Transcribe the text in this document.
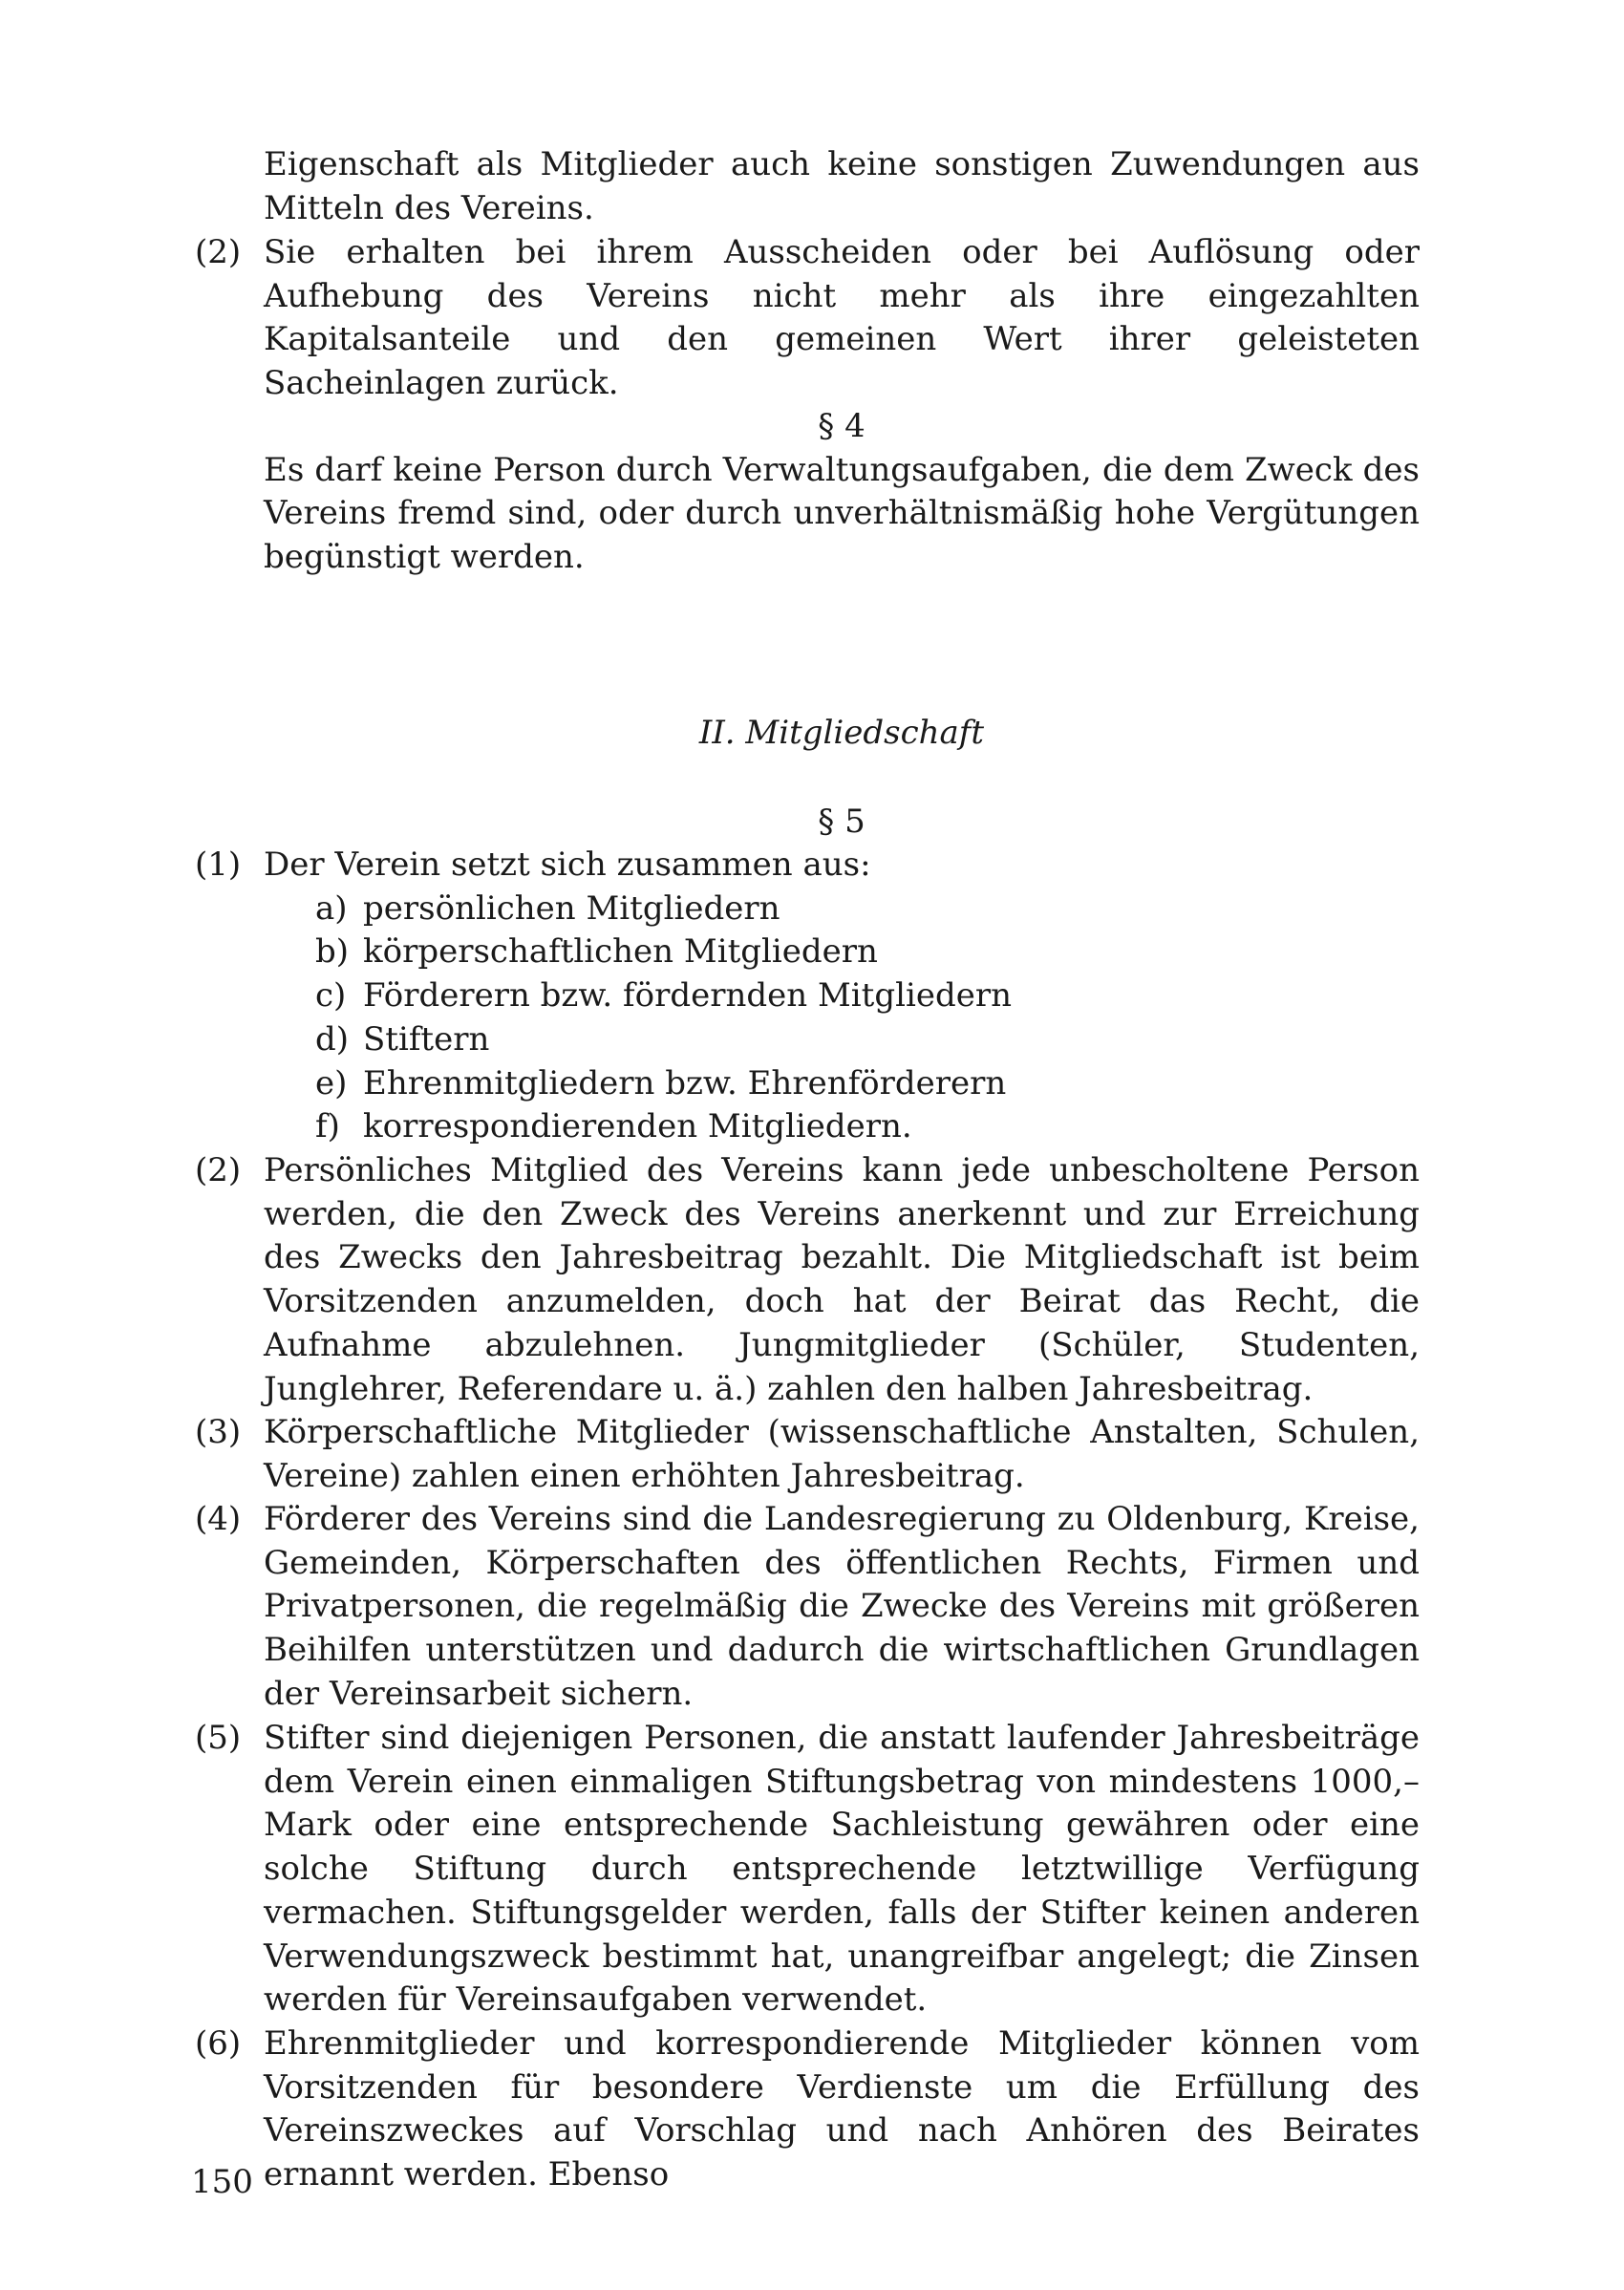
Eigenschaft als Mitglieder auch keine sonstigen Zuwendungen aus Mitteln des Vereins.

(2) Sie erhalten bei ihrem Ausscheiden oder bei Auflösung oder Aufhebung des Vereins nicht mehr als ihre eingezahlten Kapitalsanteile und den gemeinen Wert ihrer geleisteten Sacheinlagen zurück.

§ 4

Es darf keine Person durch Verwaltungsaufgaben, die dem Zweck des Vereins fremd sind, oder durch unverhältnismäßig hohe Vergütungen begünstigt werden.

II. Mitgliedschaft

§ 5

(1) Der Verein setzt sich zusammen aus:

a) persönlichen Mitgliedern

b) körperschaftlichen Mitgliedern

c) Förderern bzw. fördernden Mitgliedern

d) Stiftern

e) Ehrenmitgliedern bzw. Ehrenförderern

f) korrespondierenden Mitgliedern.

(2) Persönliches Mitglied des Vereins kann jede unbescholtene Person werden, die den Zweck des Vereins anerkennt und zur Erreichung des Zwecks den Jahresbeitrag bezahlt. Die Mitgliedschaft ist beim Vorsitzenden anzumelden, doch hat der Beirat das Recht, die Aufnahme abzulehnen. Jungmitglieder (Schüler, Studenten, Junglehrer, Referendare u. ä.) zahlen den halben Jahresbeitrag.

(3) Körperschaftliche Mitglieder (wissenschaftliche Anstalten, Schulen, Vereine) zahlen einen erhöhten Jahresbeitrag.

(4) Förderer des Vereins sind die Landesregierung zu Oldenburg, Kreise, Gemeinden, Körperschaften des öffentlichen Rechts, Firmen und Privatpersonen, die regelmäßig die Zwecke des Vereins mit größeren Beihilfen unterstützen und dadurch die wirtschaftlichen Grundlagen der Vereinsarbeit sichern.

(5) Stifter sind diejenigen Personen, die anstatt laufender Jahresbeiträge dem Verein einen einmaligen Stiftungsbetrag von mindestens 1000,– Mark oder eine entsprechende Sachleistung gewähren oder eine solche Stiftung durch entsprechende letztwillige Verfügung vermachen. Stiftungsgelder werden, falls der Stifter keinen anderen Verwendungszweck bestimmt hat, unangreifbar angelegt; die Zinsen werden für Vereinsaufgaben verwendet.

(6) Ehrenmitglieder und korrespondierende Mitglieder können vom Vorsitzenden für besondere Verdienste um die Erfüllung des Vereinszweckes auf Vorschlag und nach Anhören des Beirates ernannt werden. Ebenso

150
